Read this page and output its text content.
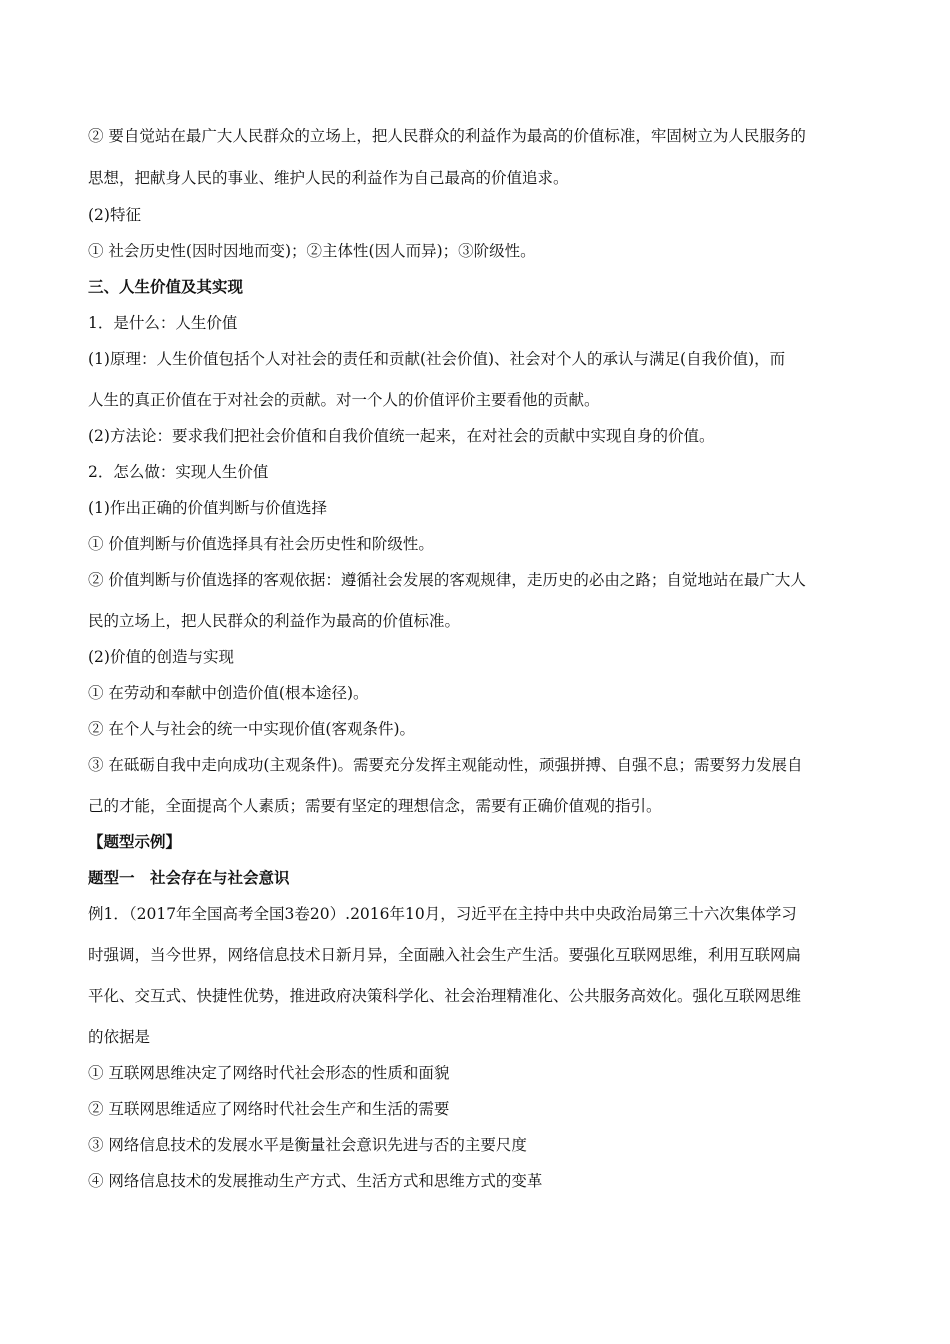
② 要自觉站在最广大人民群众的立场上，把人民群众的利益作为最高的价值标准，牢固树立为人民服务的
思想，把献身人民的事业、维护人民的利益作为自己最高的价值追求。
(2)特征
① 社会历史性(因时因地而变)；②主体性(因人而异)；③阶级性。
三、人生价值及其实现
1．是什么：人生价值
(1)原理：人生价值包括个人对社会的责任和贡献(社会价值)、社会对个人的承认与满足(自我价值)，而
人生的真正价值在于对社会的贡献。对一个人的价值评价主要看他的贡献。
(2)方法论：要求我们把社会价值和自我价值统一起来，在对社会的贡献中实现自身的价值。
2．怎么做：实现人生价值
(1)作出正确的价值判断与价值选择
① 价值判断与价值选择具有社会历史性和阶级性。
② 价值判断与价值选择的客观依据：遵循社会发展的客观规律，走历史的必由之路；自觉地站在最广大人
民的立场上，把人民群众的利益作为最高的价值标准。
(2)价值的创造与实现
① 在劳动和奉献中创造价值(根本途径)。
② 在个人与社会的统一中实现价值(客观条件)。
③ 在砥砺自我中走向成功(主观条件)。需要充分发挥主观能动性，顽强拼搏、自强不息；需要努力发展自
己的才能，全面提高个人素质；需要有坚定的理想信念，需要有正确价值观的指引。
【题型示例】
题型一　社会存在与社会意识
例1．（2017年全国高考全国3卷20）.2016年10月，习近平在主持中共中央政治局第三十六次集体学习
时强调，当今世界，网络信息技术日新月异，全面融入社会生产生活。要强化互联网思维，利用互联网扁
平化、交互式、快捷性优势，推进政府决策科学化、社会治理精准化、公共服务高效化。强化互联网思维
的依据是
① 互联网思维决定了网络时代社会形态的性质和面貌
② 互联网思维适应了网络时代社会生产和生活的需要
③ 网络信息技术的发展水平是衡量社会意识先进与否的主要尺度
④ 网络信息技术的发展推动生产方式、生活方式和思维方式的变革
